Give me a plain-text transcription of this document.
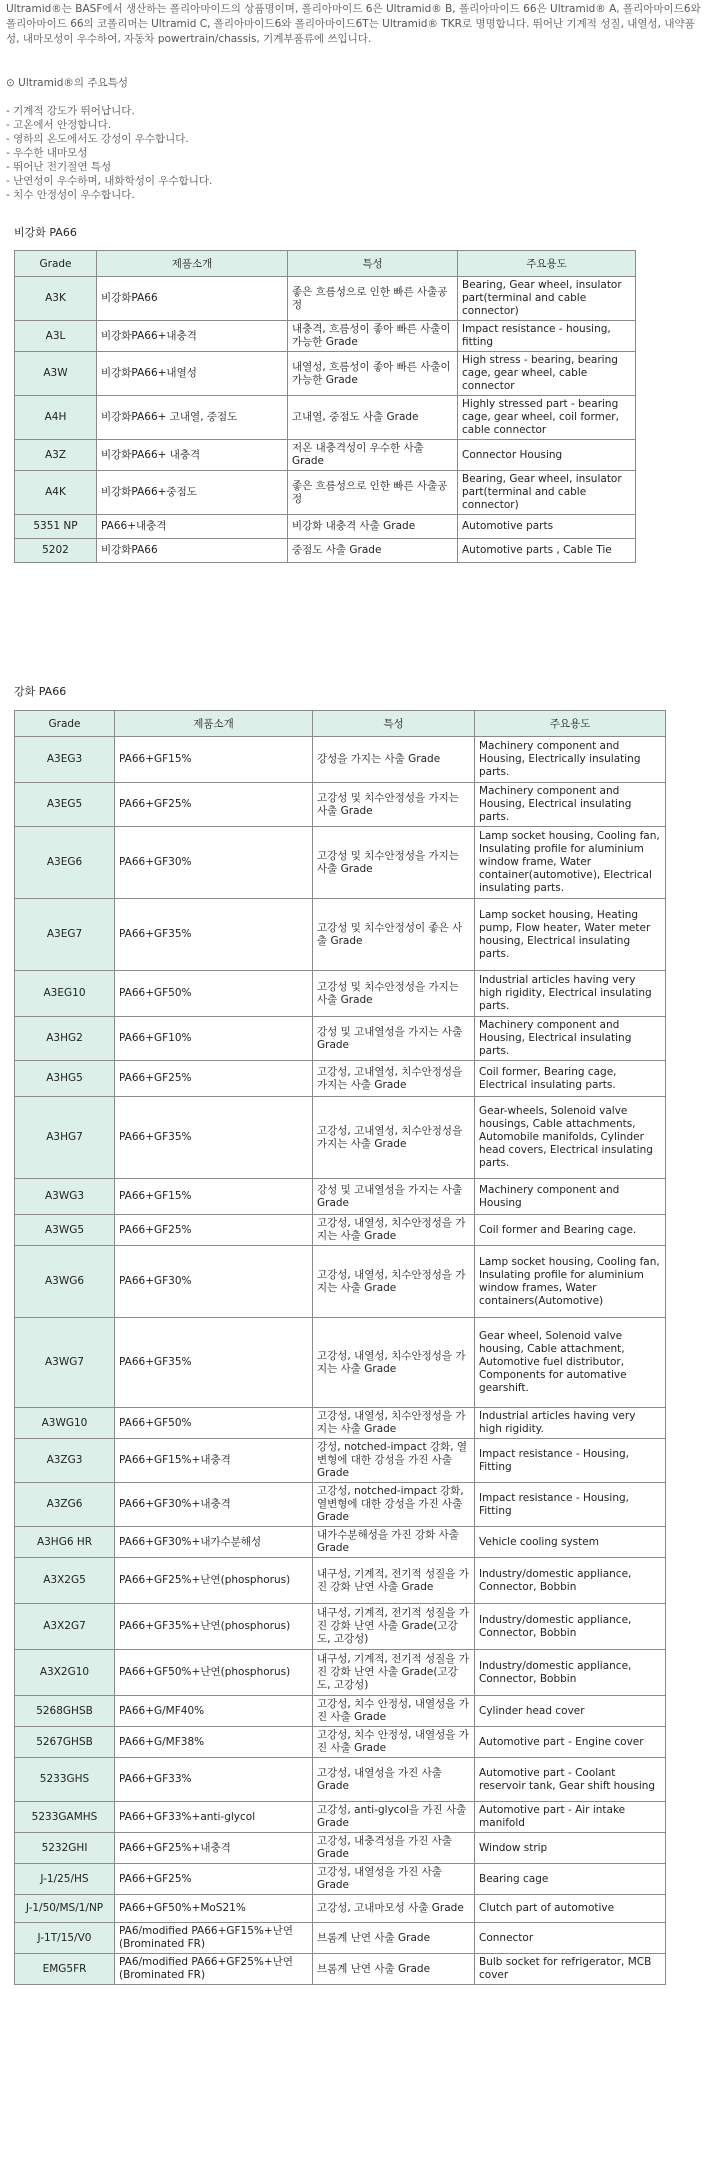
Ultramid®는 BASF에서 생산하는 폴리아마이드의 상품명이며, 폴리아마이드 6은 Ultramid® B, 폴리아마이드 66은 Ultramid® A, 폴리아마이드6와 폴리아마이드 66의 코폴리머는 Ultramid C, 폴리아마이드6와 폴리아마이드6T는 Ultramid® TKR로 명명합니다. 뛰어난 기계적 성질, 내열성, 내약품성, 내마모성이 우수하여, 자동차 powertrain/chassis, 기계부품류에 쓰입니다.
⊙ Ultramid®의 주요특성
- 기계적 강도가 뛰어납니다.
- 고온에서 안정합니다.
- 영하의 온도에서도 강성이 우수합니다.
- 우수한 내마모성
- 뛰어난 전기절연 특성
- 난연성이 우수하며, 내화학성이 우수합니다.
- 치수 안정성이 우수합니다.
비강화 PA66
Grade	제품소개	특성	주요용도
A3K	비강화PA66	좋은 흐름성으로 인한 빠른 사출공정	Bearing, Gear wheel, insulator part(terminal and cable connector)
A3L	비강화PA66+내충격	내충격, 흐름성이 좋아 빠른 사출이 가능한 Grade	Impact resistance - housing, fitting
A3W	비강화PA66+내열성	내열성, 흐름성이 좋아 빠른 사출이 가능한 Grade	High stress - bearing, bearing cage, gear wheel, cable connector
A4H	비강화PA66+ 고내열, 중점도	고내열, 중점도 사출 Grade	Highly stressed part - bearing cage, gear wheel, coil former, cable connector
A3Z	비강화PA66+ 내충격	저온 내충격성이 우수한 사출 Grade	Connector Housing
A4K	비강화PA66+중점도	좋은 흐름성으로 인한 빠른 사출공정	Bearing, Gear wheel, insulator part(terminal and cable connector)
5351 NP	PA66+내충격	비강화 내충격 사출 Grade	Automotive parts
5202	비강화PA66	중점도 사출 Grade	Automotive parts , Cable Tie
강화 PA66
Grade	제품소개	특성	주요용도
A3EG3	PA66+GF15%	강성을 가지는 사출 Grade	Machinery component and Housing, Electrically insulating parts.
A3EG5	PA66+GF25%	고강성 및 치수안정성을 가지는 사출 Grade	Machinery component and Housing, Electrical insulating parts.
A3EG6	PA66+GF30%	고강성 및 치수안정성을 가지는 사출 Grade	Lamp socket housing, Cooling fan, Insulating profile for aluminium window frame, Water container(automotive), Electrical insulating parts.
A3EG7	PA66+GF35%	고강성 및 치수안정성이 좋은 사출 Grade	Lamp socket housing, Heating pump, Flow heater, Water meter housing, Electrical insulating parts.
A3EG10	PA66+GF50%	고강성 및 치수안정성을 가지는 사출 Grade	Industrial articles having very high rigidity, Electrical insulating parts.
A3HG2	PA66+GF10%	강성 및 고내열성을 가지는 사출 Grade	Machinery component and Housing, Electrical insulating parts.
A3HG5	PA66+GF25%	고강성, 고내열성, 치수안정성을 가지는 사출 Grade	Coil former, Bearing cage, Electrical insulating parts.
A3HG7	PA66+GF35%	고강성, 고내열성, 치수안정성을 가지는 사출 Grade	Gear-wheels, Solenoid valve housings, Cable attachments, Automobile manifolds, Cylinder head covers, Electrical insulating parts.
A3WG3	PA66+GF15%	강성 및 고내열성을 가지는 사출 Grade	Machinery component and Housing
A3WG5	PA66+GF25%	고강성, 내열성, 치수안정성을 가지는 사출 Grade	Coil former and Bearing cage.
A3WG6	PA66+GF30%	고강성, 내열성, 치수안정성을 가지는 사출 Grade	Lamp socket housing, Cooling fan, Insulating profile for aluminium window frames, Water containers(Automotive)
A3WG7	PA66+GF35%	고강성, 내열성, 치수안정성을 가지는 사출 Grade	Gear wheel, Solenoid valve housing, Cable attachment, Automotive fuel distributor, Components for automative gearshift.
A3WG10	PA66+GF50%	고강성, 내열성, 치수안정성을 가지는 사출 Grade	Industrial articles having very high rigidity.
A3ZG3	PA66+GF15%+내충격	강성, notched-impact 강화, 열변형에 대한 강성을 가진 사출 Grade	Impact resistance - Housing, Fitting
A3ZG6	PA66+GF30%+내충격	고강성, notched-impact 강화, 열변형에 대한 강성을 가진 사출 Grade	Impact resistance - Housing, Fitting
A3HG6 HR	PA66+GF30%+내가수분해성	내가수분해성을 가진 강화 사출 Grade	Vehicle cooling system
A3X2G5	PA66+GF25%+난연(phosphorus)	내구성, 기계적, 전기적 성질을 가진 강화 난연 사출 Grade	Industry/domestic appliance, Connector, Bobbin
A3X2G7	PA66+GF35%+난연(phosphorus)	내구성, 기계적, 전기적 성질을 가진 강화 난연 사출 Grade(고강도, 고강성)	Industry/domestic appliance, Connector, Bobbin
A3X2G10	PA66+GF50%+난연(phosphorus)	내구성, 기계적, 전기적 성질을 가진 강화 난연 사출 Grade(고강도, 고강성)	Industry/domestic appliance, Connector, Bobbin
5268GHSB	PA66+G/MF40%	고강성, 치수 안정성, 내열성을 가진 사출 Grade	Cylinder head cover
5267GHSB	PA66+G/MF38%	고강성, 치수 안정성, 내열성을 가진 사출 Grade	Automotive part - Engine cover
5233GHS	PA66+GF33%	고강성, 내열성을 가진 사출 Grade	Automotive part - Coolant reservoir tank, Gear shift housing
5233GAMHS	PA66+GF33%+anti-glycol	고강성, anti-glycol을 가진 사출 Grade	Automotive part - Air intake manifold
5232GHI	PA66+GF25%+내충격	고강성, 내충격성을 가진 사출 Grade	Window strip
J-1/25/HS	PA66+GF25%	고강성, 내열성을 가진 사출 Grade	Bearing cage
J-1/50/MS/1/NP	PA66+GF50%+MoS21%	고강성, 고내마모성 사출 Grade	Clutch part of automotive
J-1T/15/V0	PA6/modified PA66+GF15%+난연(Brominated FR)	브롬계 난연 사출 Grade	Connector
EMG5FR	PA6/modified PA66+GF25%+난연(Brominated FR)	브롬계 난연 사출 Grade	Bulb socket for refrigerator, MCB cover
